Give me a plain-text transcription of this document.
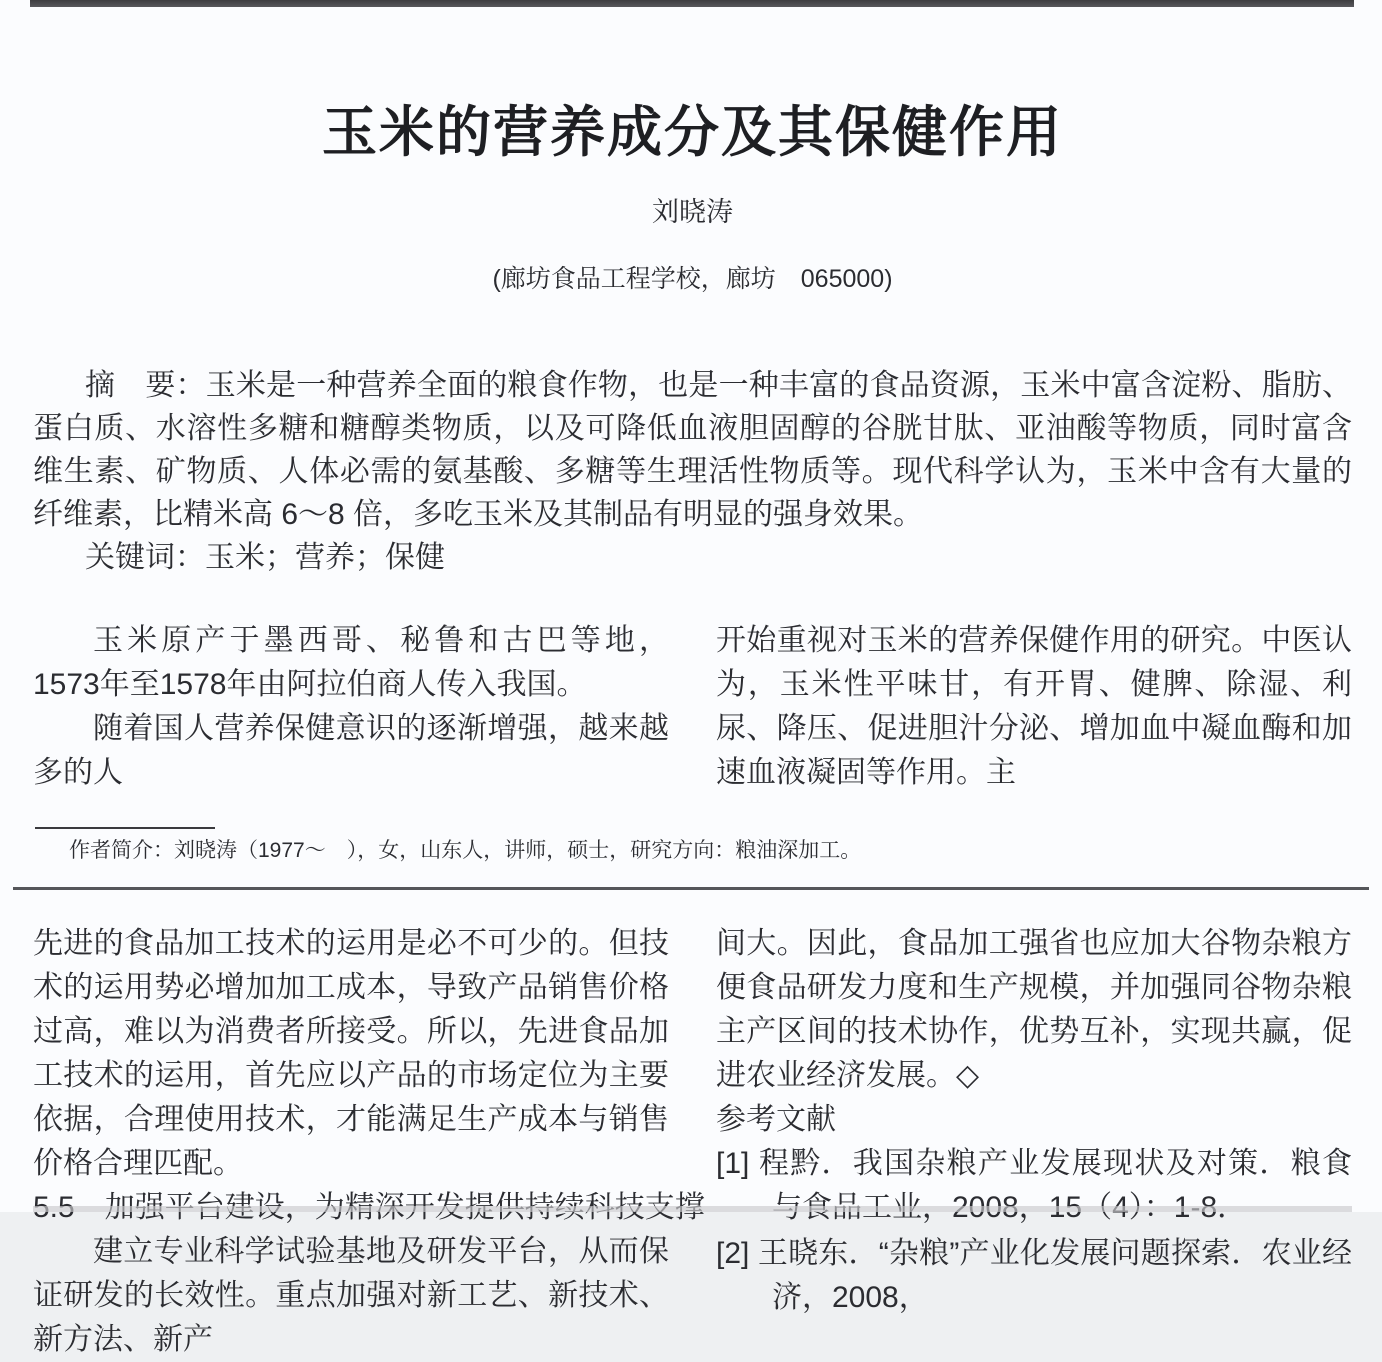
玉米的营养成分及其保健作用
刘晓涛
(廊坊食品工程学校，廊坊　065000)

摘　要：玉米是一种营养全面的粮食作物，也是一种丰富的食品资源，玉米中富含淀粉、脂肪、蛋白质、水溶性多糖和糖醇类物质，以及可降低血液胆固醇的谷胱甘肽、亚油酸等物质，同时富含维生素、矿物质、人体必需的氨基酸、多糖等生理活性物质等。现代科学认为，玉米中含有大量的纤维素，比精米高 6～8 倍，多吃玉米及其制品有明显的强身效果。

关键词：玉米；营养；保健

玉米原产于墨西哥、秘鲁和古巴等地，1573年至1578年由阿拉伯商人传入我国。

随着国人营养保健意识的逐渐增强，越来越多的人

开始重视对玉米的营养保健作用的研究。中医认为，玉米性平味甘，有开胃、健脾、除湿、利尿、降压、促进胆汁分泌、增加血中凝血酶和加速血液凝固等作用。主

作者简介：刘晓涛（1977～　），女，山东人，讲师，硕士，研究方向：粮油深加工。

先进的食品加工技术的运用是必不可少的。但技术的运用势必增加加工成本，导致产品销售价格过高，难以为消费者所接受。所以，先进食品加工技术的运用，首先应以产品的市场定位为主要依据，合理使用技术，才能满足生产成本与销售价格合理匹配。

建立专业科学试验基地及研发平台，从而保证研发的长效性。重点加强对新工艺、新技术、新方法、新产

间大。因此，食品加工强省也应加大谷物杂粮方便食品研发力度和生产规模，并加强同谷物杂粮主产区间的技术协作，优势互补，实现共赢，促进农业经济发展。◇

参考文献

[1] 程黔．我国杂粮产业发展现状及对策．粮食

[2] 王晓东．“杂粮”产业化发展问题探索．农业经济，2008，
